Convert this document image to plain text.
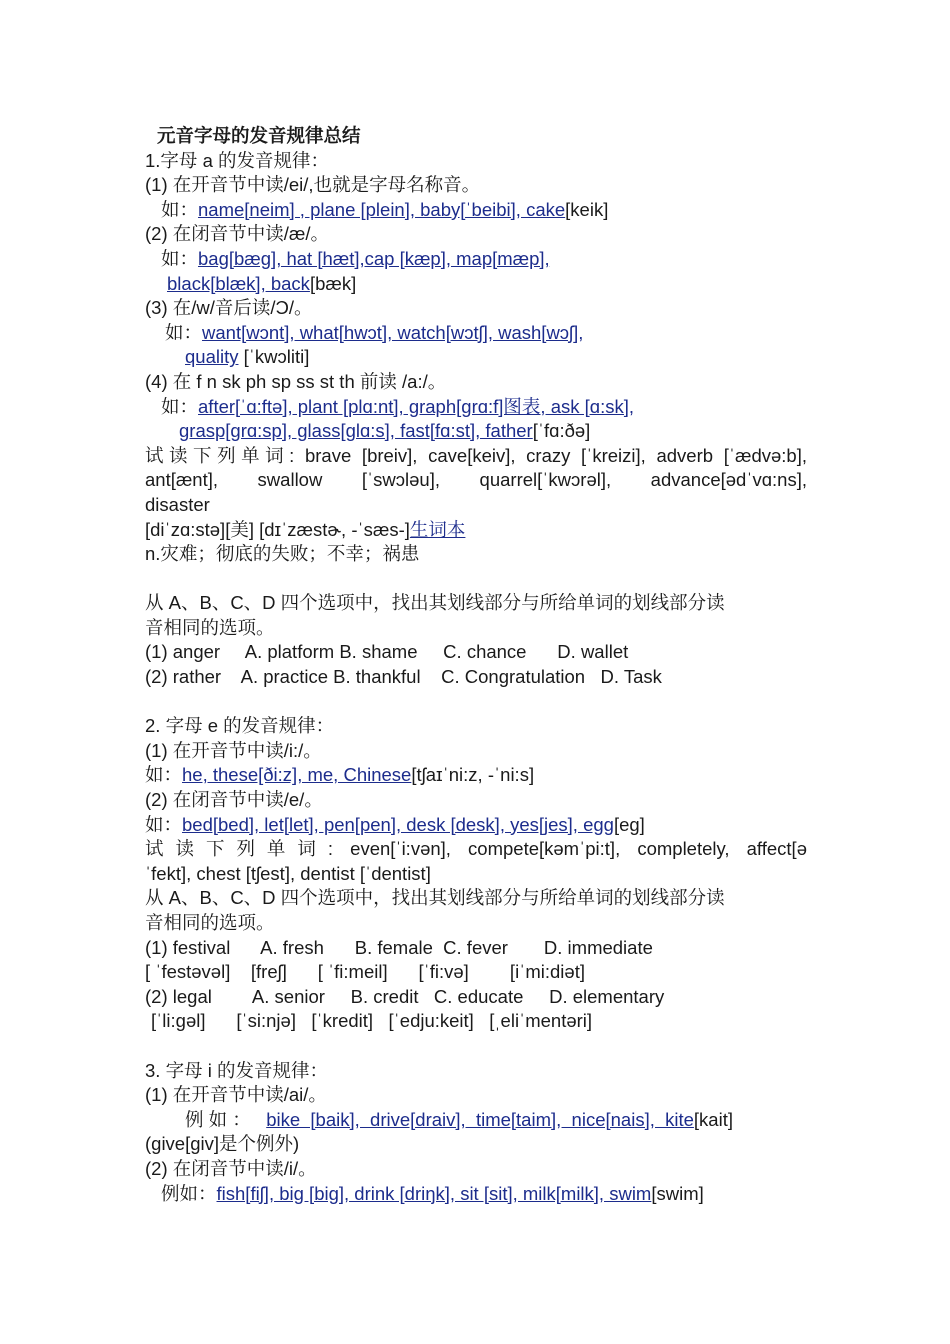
元音字母的发音规律总结
1.字母 a 的发音规律：
(1) 在开音节中读/ei/,也就是字母名称音。
如：name[neim] , plane [plein], baby[ˈbeibi], cake[keik]
(2) 在闭音节中读/æ/。
如：bag[bæg], hat [hæt],cap [kæp], map[mæp],
black[blæk], back[bæk]
(3) 在/w/音后读/Ɔ/。
如：want[wɔnt], what[hwɔt], watch[wɔtʃ], wash[wɔʃ],
quality [ˈkwɔliti]
(4) 在 f n sk ph sp ss st th 前读 /a:/。
如：after[ˈɑ:ftə], plant [plɑ:nt], graph[grɑ:f]图表, ask [ɑ:sk],
grasp[grɑ:sp], glass[glɑ:s], fast[fɑ:st], father[ˈfɑ:ðə]
试读下列单词: brave [breiv], cave[keiv], crazy [ˈkreizi], adverb [ˈædvə:b],
ant[ænt], swallow [ˈswɔləu], quarrel[ˈkwɔrəl], advance[ədˈvɑ:ns],
disaster
[diˈzɑ:stə][美] [dɪˈzæstɚ, -ˈsæs-]生词本
n.灾难；彻底的失败；不幸；祸患
从 A、B、C、D 四个选项中，找出其划线部分与所给单词的划线部分读
音相同的选项。
(1) anger     A. platform B. shame     C. chance      D. wallet
(2) rather    A. practice B. thankful    C. Congratulation   D. Task
2. 字母 e 的发音规律：
(1) 在开音节中读/i:/。
如：he, these[ði:z], me, Chinese[tʃaɪˈni:z, -ˈni:s]
(2) 在闭音节中读/e/。
如：bed[bed], let[let], pen[pen], desk [desk], yes[jes], egg[eg]
试读下列单词: even[ˈi:vən], compete[kəmˈpi:t], completely, affect[ə
ˈfekt], chest [tʃest], dentist [ˈdentist]
从 A、B、C、D 四个选项中，找出其划线部分与所给单词的划线部分读
音相同的选项。
(1) festival      A. fresh      B. female  C. fever       D. immediate
[ ˈfestəvəl]    [freʃ]      [ ˈfi:meil]      [ˈfi:və]        [iˈmi:diət]
(2) legal        A. senior     B. credit   C. educate     D. elementary
[ˈli:gəl]      [ˈsi:njə]   [ˈkredit]   [ˈedju:keit]   [ˌeliˈmentəri]
3. 字母 i 的发音规律：
(1) 在开音节中读/ai/。
例 如 ： bike  [baik],  drive[draiv],  time[taim],  nice[nais],  kite[kait]
(give[giv]是个例外)
(2) 在闭音节中读/i/。
例如：fish[fiʃ], big [big], drink [driŋk], sit [sit], milk[milk], swim[swim]
